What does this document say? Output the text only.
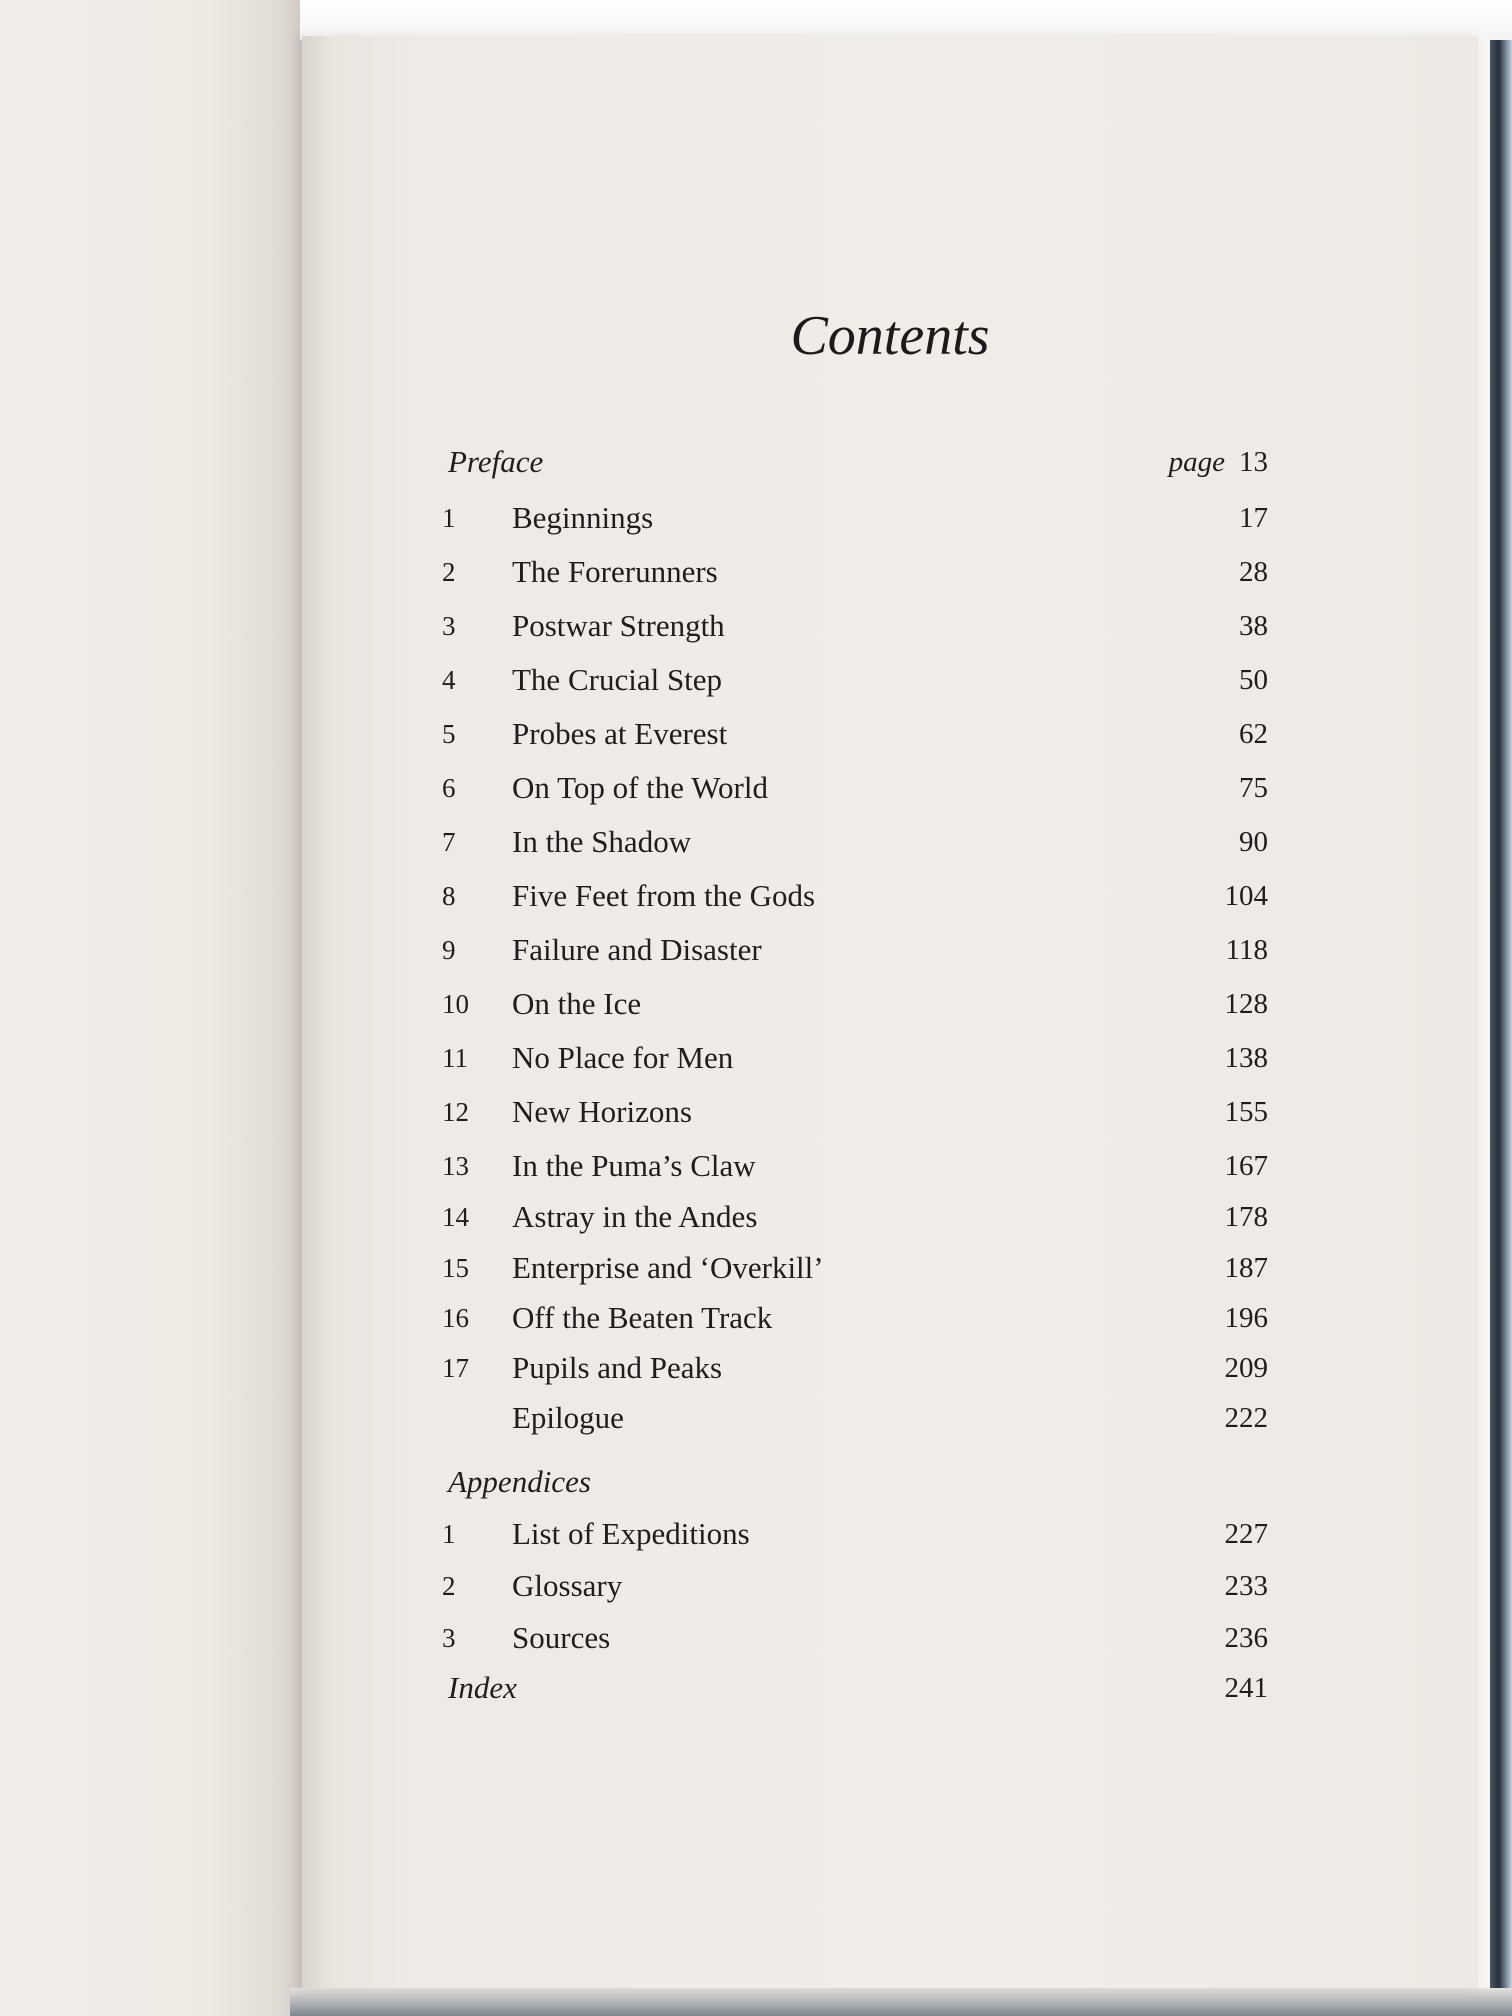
Contents
Preface	page 13
1	Beginnings	17
2	The Forerunners	28
3	Postwar Strength	38
4	The Crucial Step	50
5	Probes at Everest	62
6	On Top of the World	75
7	In the Shadow	90
8	Five Feet from the Gods	104
9	Failure and Disaster	118
10	On the Ice	128
11	No Place for Men	138
12	New Horizons	155
13	In the Puma’s Claw	167
14	Astray in the Andes	178
15	Enterprise and ‘Overkill’	187
16	Off the Beaten Track	196
17	Pupils and Peaks	209
Epilogue	222
Appendices
1	List of Expeditions	227
2	Glossary	233
3	Sources	236
Index	241
